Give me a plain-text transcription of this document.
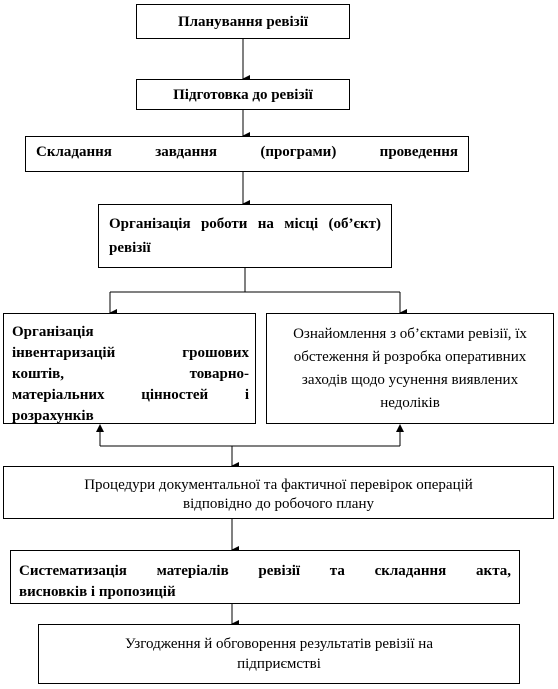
Планування ревізії
Підготовка до ревізії
Складання завдання (програми) проведення
Організація роботи на місці (об’єкт) ревізії
Організація
інвентаризацій грошових
коштів, товарно-
матеріальних цінностей і
розрахунків
Ознайомлення з об’єктами ревізії, їх обстеження й розробка оперативних заходів щодо усунення виявлених недоліків
Процедури документальної та фактичної перевірок операцій
відповідно до робочого плану
Систематизація матеріалів ревізії та складання акта,
висновків і пропозицій
Узгодження й обговорення результатів ревізії на
підприємстві
